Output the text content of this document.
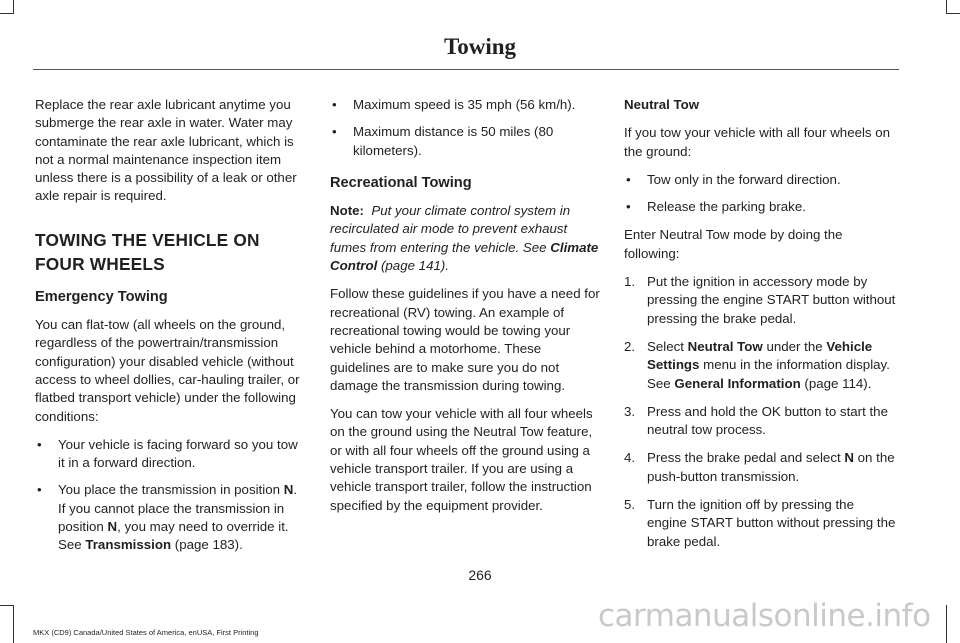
Towing

Replace the rear axle lubricant anytime you submerge the rear axle in water. Water may contaminate the rear axle lubricant, which is not a normal maintenance inspection item unless there is a possibility of a leak or other axle repair is required.

TOWING THE VEHICLE ON FOUR WHEELS
Emergency Towing

You can flat-tow (all wheels on the ground, regardless of the powertrain/transmission configuration) your disabled vehicle (without access to wheel dollies, car-hauling trailer, or flatbed transport vehicle) under the following conditions:

• Your vehicle is facing forward so you tow it in a forward direction.
• You place the transmission in position N. If you cannot place the transmission in position N, you may need to override it. See Transmission (page 183).
• Maximum speed is 35 mph (56 km/h).
• Maximum distance is 50 miles (80 kilometers).
Recreational Towing

Note: Put your climate control system in recirculated air mode to prevent exhaust fumes from entering the vehicle. See Climate Control (page 141).

Follow these guidelines if you have a need for recreational (RV) towing. An example of recreational towing would be towing your vehicle behind a motorhome. These guidelines are to make sure you do not damage the transmission during towing.

You can tow your vehicle with all four wheels on the ground using the Neutral Tow feature, or with all four wheels off the ground using a vehicle transport trailer. If you are using a vehicle transport trailer, follow the instruction specified by the equipment provider.

Neutral Tow

If you tow your vehicle with all four wheels on the ground:

• Tow only in the forward direction.
• Release the parking brake.

Enter Neutral Tow mode by doing the following:

1. Put the ignition in accessory mode by pressing the engine START button without pressing the brake pedal.
2. Select Neutral Tow under the Vehicle Settings menu in the information display. See General Information (page 114).
3. Press and hold the OK button to start the neutral tow process.
4. Press the brake pedal and select N on the push-button transmission.
5. Turn the ignition off by pressing the engine START button without pressing the brake pedal.
266
MKX (CD9) Canada/United States of America, enUSA, First Printing	carmanualsonline.info
